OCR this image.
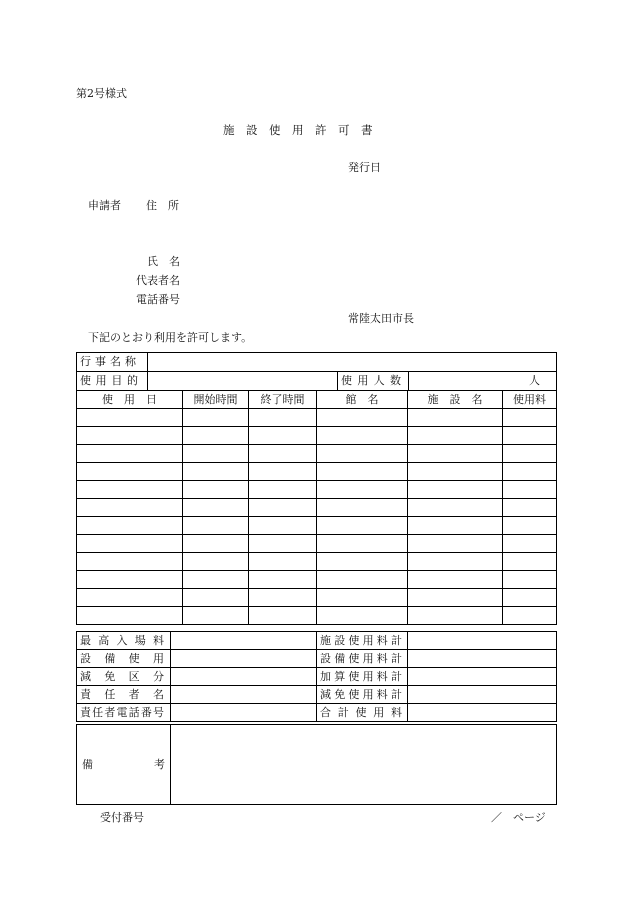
第2号様式
施　設　使　用　許　可　書
発行日
申請者 住　所
氏　名
代表者名
電話番号
常陸太田市長
下記のとおり利用を許可します。
行事名称			

使用目的		使用人数	人
使　用　日	開始時間	終了時間	館　名	施　設　名	使用料

最高入場料		施設使用料計	

設備使用		設備使用料計	

減免区分		加算使用料計	

責任者名		減免使用料計	

責任者電話番号		合計使用料	

備	考

受付番号	／　ページ
